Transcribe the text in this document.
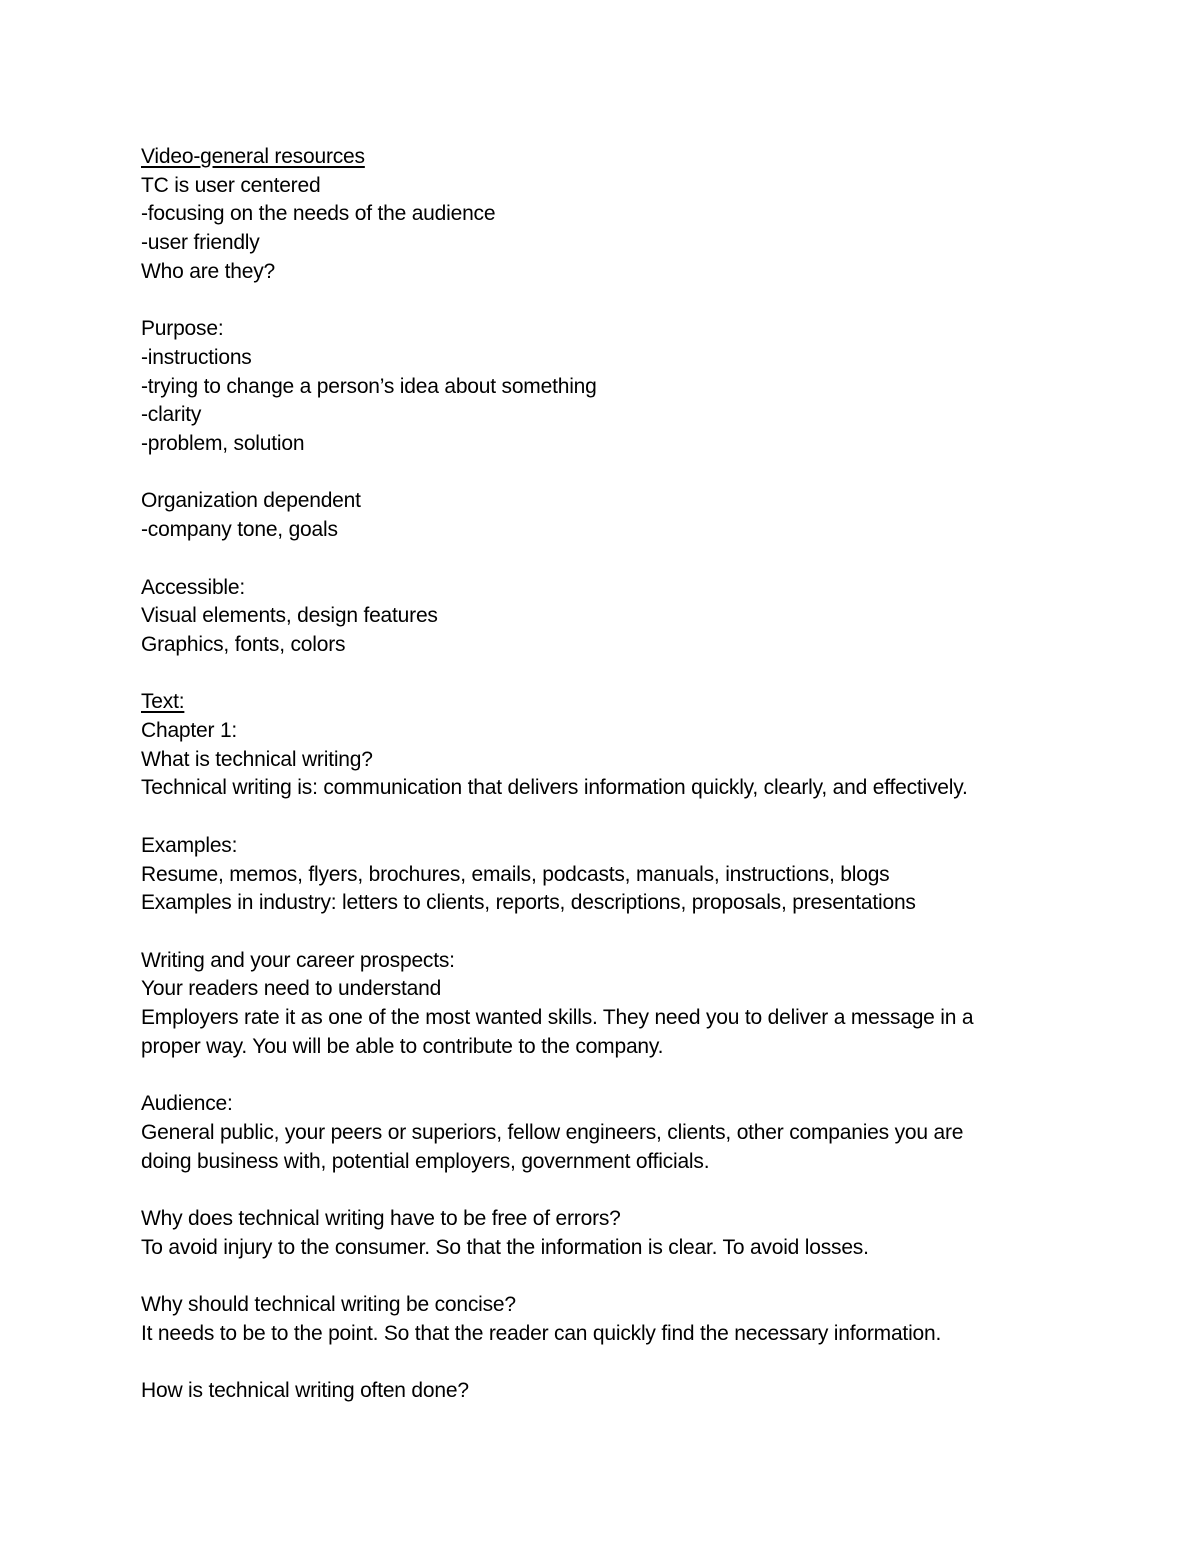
Video-general resources
TC is user centered
-focusing on the needs of the audience
-user friendly
Who are they?
Purpose:
-instructions
-trying to change a person’s idea about something
-clarity
-problem, solution
Organization dependent
-company tone, goals
Accessible:
Visual elements, design features
Graphics, fonts, colors
Text:
Chapter 1:
What is technical writing?
Technical writing is: communication that delivers information quickly, clearly, and effectively.
Examples:
Resume, memos, flyers, brochures, emails, podcasts, manuals, instructions, blogs
Examples in industry: letters to clients, reports, descriptions, proposals, presentations
Writing and your career prospects:
Your readers need to understand
Employers rate it as one of the most wanted skills. They need you to deliver a message in a
proper way. You will be able to contribute to the company.
Audience:
General public, your peers or superiors, fellow engineers, clients, other companies you are
doing business with, potential employers, government officials.
Why does technical writing have to be free of errors?
To avoid injury to the consumer. So that the information is clear. To avoid losses.
Why should technical writing be concise?
It needs to be to the point. So that the reader can quickly find the necessary information.
How is technical writing often done?
